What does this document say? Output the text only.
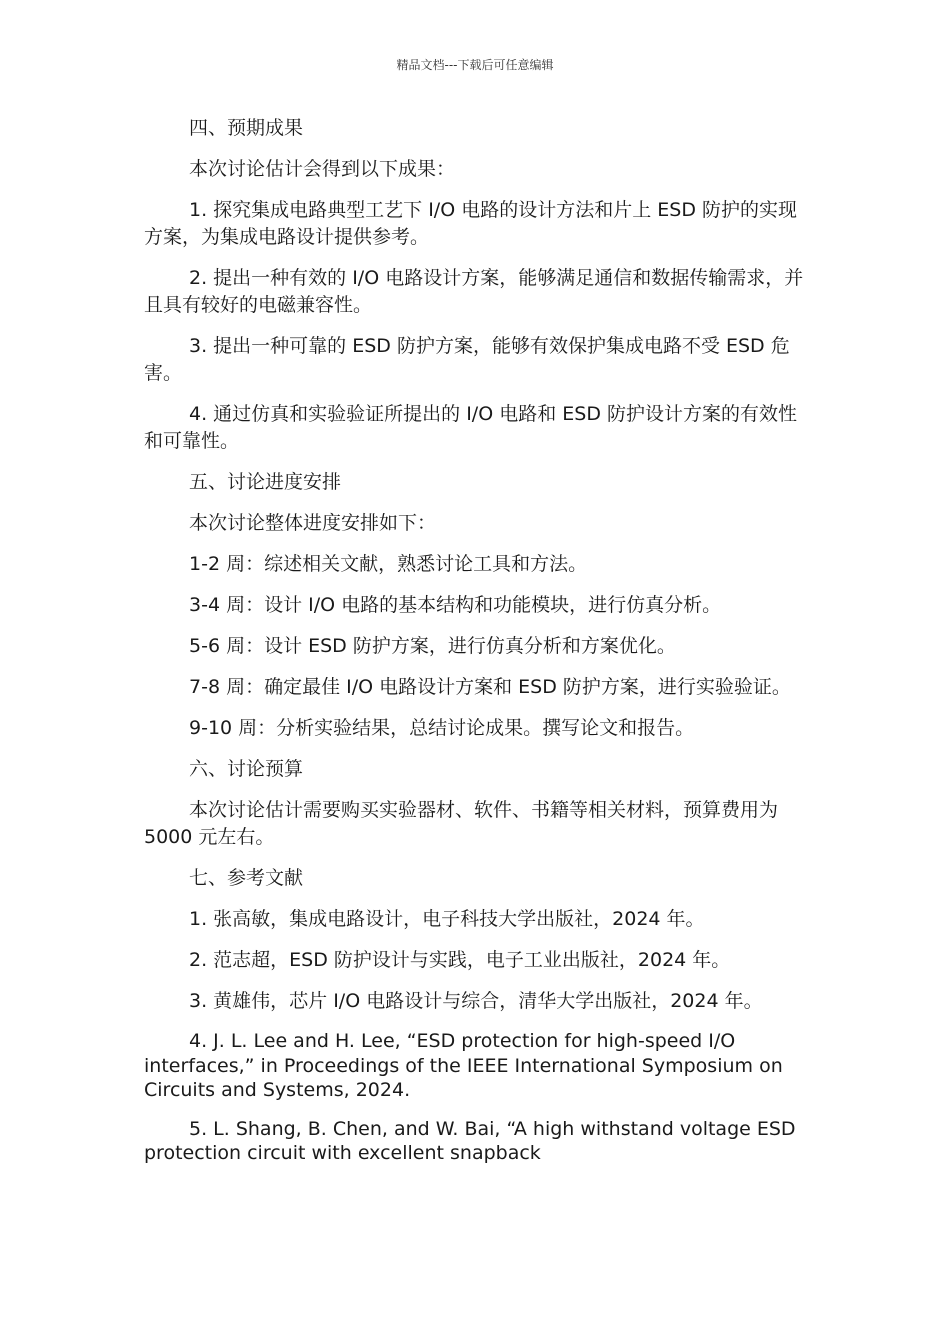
精品文档---下载后可任意编辑

四、预期成果

本次讨论估计会得到以下成果：

1. 探究集成电路典型工艺下 I/O 电路的设计方法和片上 ESD 防护的实现方案，为集成电路设计提供参考。

2. 提出一种有效的 I/O 电路设计方案，能够满足通信和数据传输需求，并且具有较好的电磁兼容性。

3. 提出一种可靠的 ESD 防护方案，能够有效保护集成电路不受 ESD 危害。

4. 通过仿真和实验验证所提出的 I/O 电路和 ESD 防护设计方案的有效性和可靠性。

五、讨论进度安排

本次讨论整体进度安排如下：

1-2 周：综述相关文献，熟悉讨论工具和方法。

3-4 周：设计 I/O 电路的基本结构和功能模块，进行仿真分析。

5-6 周：设计 ESD 防护方案，进行仿真分析和方案优化。

7-8 周：确定最佳 I/O 电路设计方案和 ESD 防护方案，进行实验验证。

9-10 周：分析实验结果，总结讨论成果。撰写论文和报告。

六、讨论预算

本次讨论估计需要购买实验器材、软件、书籍等相关材料，预算费用为 5000 元左右。

七、参考文献

1. 张高敏，集成电路设计，电子科技大学出版社，2024 年。

2. 范志超，ESD 防护设计与实践，电子工业出版社，2024 年。

3. 黄雄伟，芯片 I/O 电路设计与综合，清华大学出版社，2024 年。

4. J. L. Lee and H. Lee, “ESD protection for high-speed I/O interfaces,” in Proceedings of the IEEE International Symposium on Circuits and Systems, 2024.

5. L. Shang, B. Chen, and W. Bai, “A high withstand voltage ESD protection circuit with excellent snapback
